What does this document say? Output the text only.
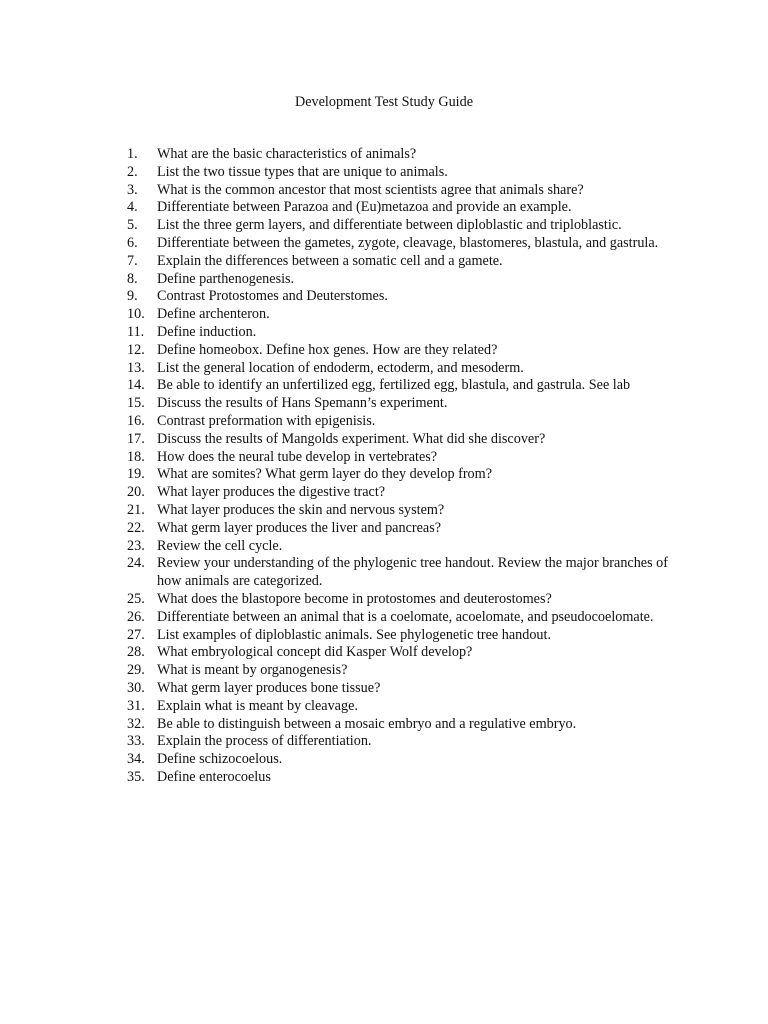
Development Test Study Guide
1.	What are the basic characteristics of animals?
2.	List the two tissue types that are unique to animals.
3.	What is the common ancestor that most scientists agree that animals share?
4.	Differentiate between Parazoa and (Eu)metazoa and provide an example.
5.	List the three germ layers, and differentiate between diploblastic and triploblastic.
6.	Differentiate between the gametes, zygote, cleavage, blastomeres, blastula, and gastrula.
7.	Explain the differences between a somatic cell and a gamete.
8.	Define parthenogenesis.
9.	Contrast Protostomes and Deuterstomes.
10. Define archenteron.
11. Define induction.
12. Define homeobox. Define hox genes. How are they related?
13. List the general location of endoderm, ectoderm, and mesoderm.
14. Be able to identify an unfertilized egg, fertilized egg, blastula, and gastrula. See lab
15. Discuss the results of Hans Spemann’s experiment.
16. Contrast preformation with epigenisis.
17. Discuss the results of Mangolds experiment. What did she discover?
18. How does the neural tube develop in vertebrates?
19. What are somites? What germ layer do they develop from?
20. What layer produces the digestive tract?
21. What layer produces the skin and nervous system?
22. What germ layer produces the liver and pancreas?
23. Review the cell cycle.
24. Review your understanding of the phylogenic tree handout. Review the major branches of how animals are categorized.
25. What does the blastopore become in protostomes and deuterostomes?
26. Differentiate between an animal that is a coelomate, acoelomate, and pseudocoelomate.
27. List examples of diploblastic animals. See phylogenetic tree handout.
28. What embryological concept did Kasper Wolf develop?
29. What is meant by organogenesis?
30. What germ layer produces bone tissue?
31. Explain what is meant by cleavage.
32. Be able to distinguish between a mosaic embryo and a regulative embryo.
33. Explain the process of differentiation.
34. Define schizocoelous.
35. Define enterocoelus
